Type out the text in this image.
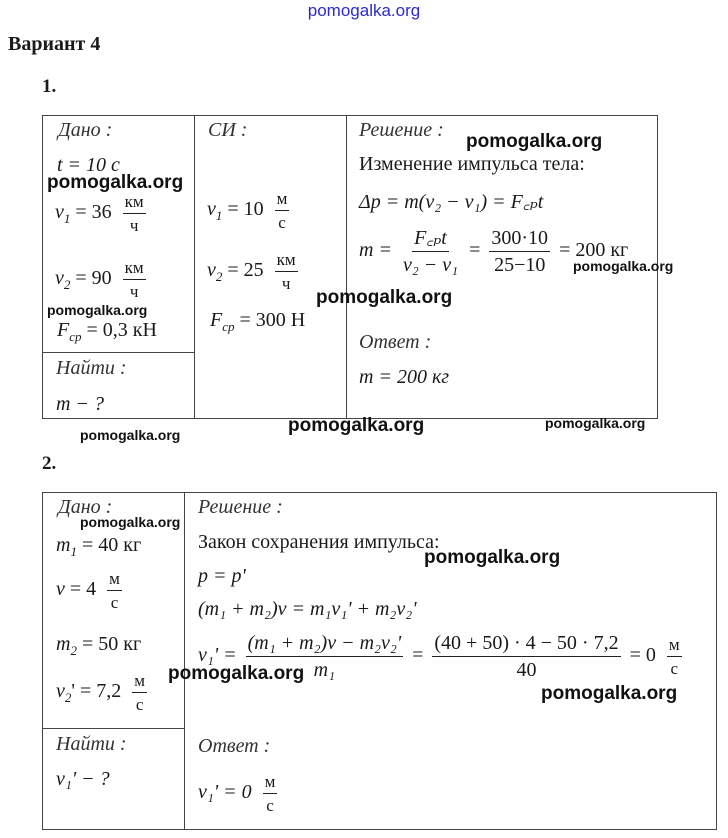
pomogalka.org
Вариант 4
1.
Дано :
t = 10 с
$v_1 = 36 \frac{км}{ч}$
$v_2 = 90 \frac{км}{ч}$
$F_{ср} = 0,3$ кН
Найти :
m − ?
СИ :
$v_1 = 10 \frac{м}{с}$
$v_2 = 25 \frac{км}{ч}$
$F_{ср} = 300$ Н
Решение :
Изменение импульса тела:
Δp = m(v₂ − v₁) = F꜀ₚt
$m = \frac{\text{F꜀ₚt}}{\text{v₂ − v₁}} = \frac{300\cdot 10}{25-10} = 200$ кг
Ответ :
m = 200 кг
2.
Дано :
$m_1 = 40$ кг
$v = 4 \frac{м}{с}$
$m_2 = 50$ кг
$v_2' = 7,2 \frac{м}{с}$
Найти :
v₁' − ?
Решение :
Закон сохранения импульса:
p = p'
(m₁ + m₂)v = m₁v₁' + m₂v₂'
$v_1' = \frac{\text{(m₁ + m₂)v − m₂v₂'}}{\text{m₁}} = \frac{(40 + 50) \cdot 4 - 50 \cdot 7,2}{40} = 0 \frac{м}{с}$
Ответ :
$v_1' = 0 \frac{м}{с}$
pomogalka.org
pomogalka.org
pomogalka.org
pomogalka.org
pomogalka.org
pomogalka.org
pomogalka.org
pomogalka.org
pomogalka.org
pomogalka.org
pomogalka.org
pomogalka.org
